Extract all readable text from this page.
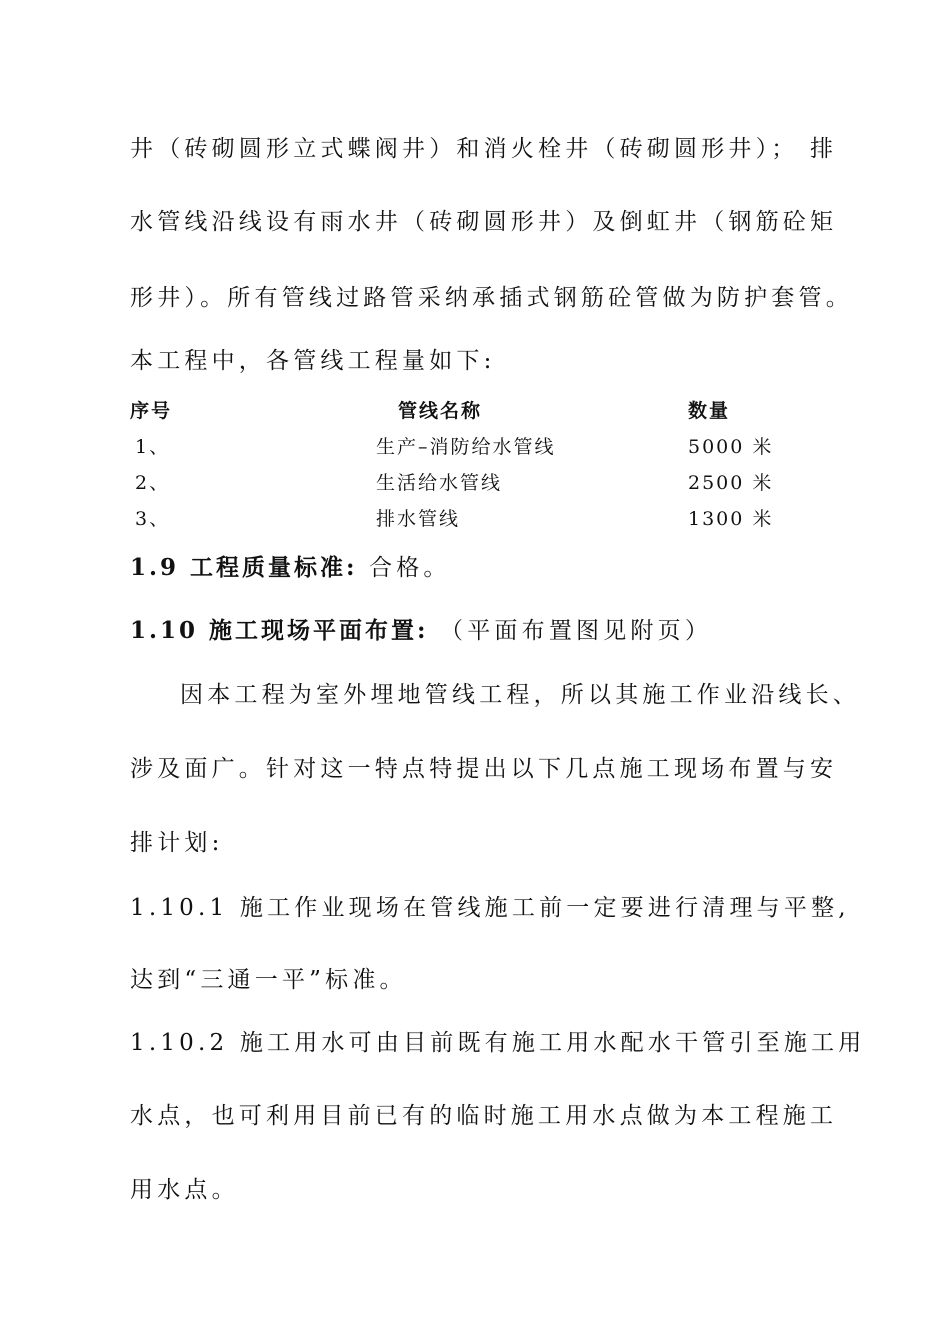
井（砖砌圆形立式蝶阀井）和消火栓井（砖砌圆形井）； 排
水管线沿线设有雨水井（砖砌圆形井）及倒虹井（钢筋砼矩
形井）。所有管线过路管采纳承插式钢筋砼管做为防护套管。
本工程中，各管线工程量如下:
序号	管线名称	数量
1、	生产–消防给水管线	5000 米
2、	生活给水管线	2500 米
3、	排水管线	1300 米
1.9 工程质量标准: 合格。
1.10 施工现场平面布置: （平面布置图见附页）
因本工程为室外埋地管线工程，所以其施工作业沿线长、
涉及面广。针对这一特点特提出以下几点施工现场布置与安
排计划:
1.10.1 施工作业现场在管线施工前一定要进行清理与平整,
达到“三通一平”标准。
1.10.2 施工用水可由目前既有施工用水配水干管引至施工用
水点，也可利用目前已有的临时施工用水点做为本工程施工
用水点。
